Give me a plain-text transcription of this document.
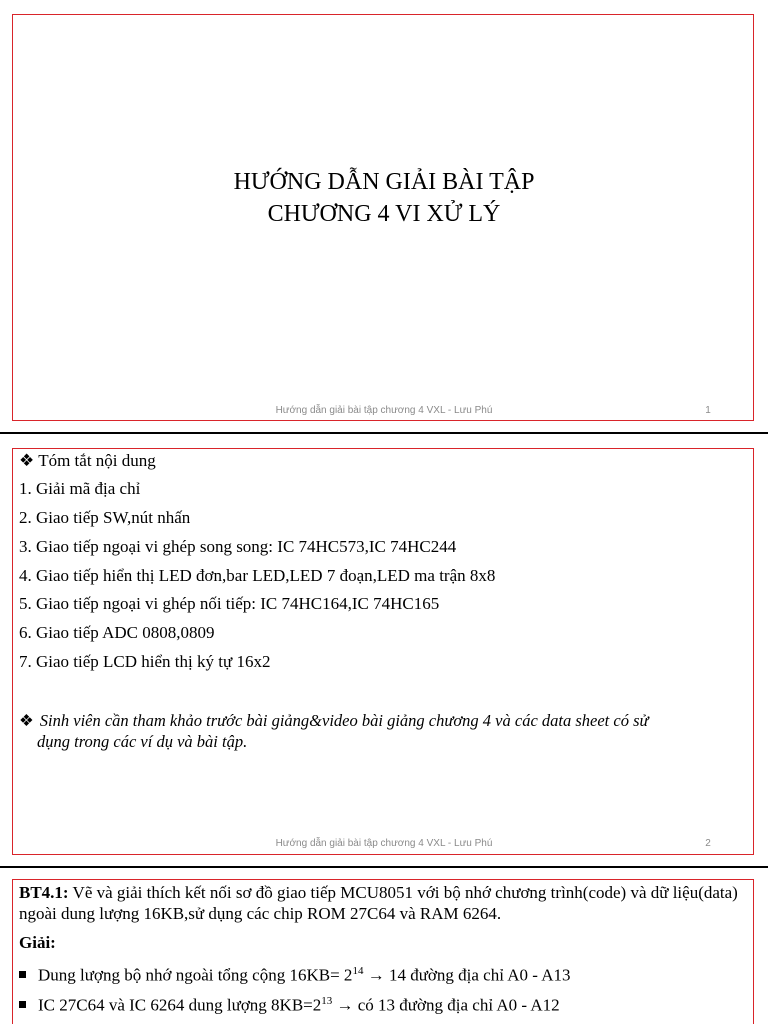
HƯỚNG DẪN GIẢI BÀI TẬP
CHƯƠNG 4 VI XỬ LÝ
Hướng dẫn giải bài tập chương 4 VXL - Lưu Phú	1
❖ Tóm tắt nội dung
1. Giải mã địa chỉ
2. Giao tiếp SW,nút nhấn
3. Giao tiếp ngoại vi ghép song song: IC 74HC573,IC 74HC244
4. Giao tiếp hiển thị LED đơn,bar LED,LED 7 đoạn,LED ma trận 8x8
5. Giao tiếp ngoại vi ghép nối tiếp: IC 74HC164,IC 74HC165
6. Giao tiếp ADC 0808,0809
7. Giao tiếp LCD hiển thị ký tự 16x2
❖ Sinh viên cần tham khảo trước bài giảng&video bài giảng chương 4 và các data sheet có sử
dụng trong các ví dụ và bài tập.
Hướng dẫn giải bài tập chương 4 VXL - Lưu Phú	2
BT4.1: Vẽ và giải thích kết nối sơ đồ giao tiếp MCU8051 với bộ nhớ chương trình(code) và dữ liệu(data) ngoài dung lượng 16KB,sử dụng các chip ROM 27C64 và RAM 6264.
Giải:
Dung lượng bộ nhớ ngoài tổng cộng $16KB= 2^{14} \to 14$ đường địa chỉ A0 - A13
IC 27C64 và IC 6264 dung lượng $8KB=2^{13}$ → có 13 đường địa chỉ A0 - A12
